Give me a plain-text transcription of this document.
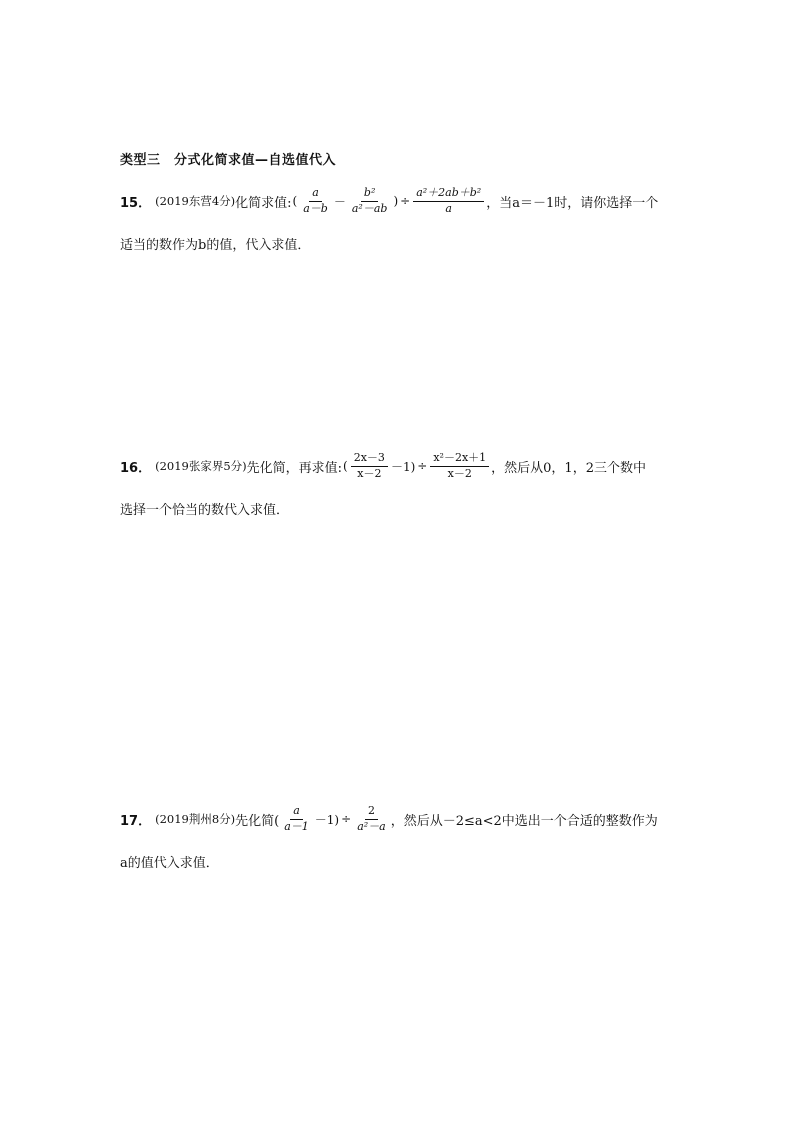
类型三　分式化简求值—自选值代入
15． (2019东营4分) 化简求值: ( $\frac{a}{a-b} - \frac{\text{b²}}{\text{a²－ab}}$ ) ÷ $\frac{\text{a²＋2ab＋b²}}{a}$ ，当a＝－1时，请你选择一个
适当的数作为b的值，代入求值．
16． (2019张家界5分) 先化简，再求值: ( $\frac{2x-3}{x-2} -1) \div \frac{\text{x²－2x＋1}}{x-2}$ ，然后从0，1，2三个数中
选择一个恰当的数代入求值．
17． (2019荆州8分) 先化简( $\frac{a}{a-1} -1) \div \frac{2}{\text{a²－a}}$ ，然后从－2≤a<2中选出一个合适的整数作为
a的值代入求值．
